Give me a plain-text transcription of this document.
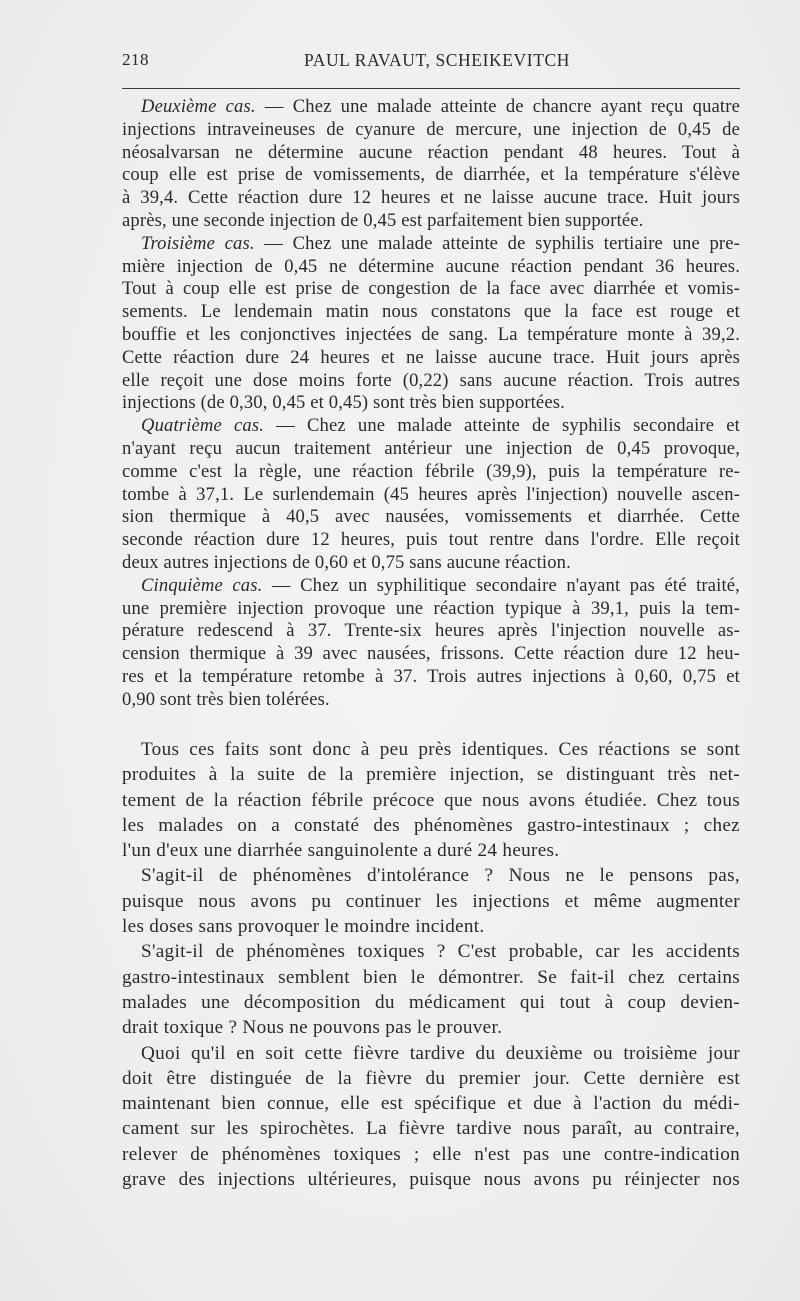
218	PAUL RAVAUT, SCHEIKEVITCH
Deuxième cas. — Chez une malade atteinte de chancre ayant reçu quatre
injections intraveineuses de cyanure de mercure, une injection de 0,45 de
néosalvarsan ne détermine aucune réaction pendant 48 heures. Tout à
coup elle est prise de vomissements, de diarrhée, et la température s'élève
à 39,4. Cette réaction dure 12 heures et ne laisse aucune trace. Huit jours
après, une seconde injection de 0,45 est parfaitement bien supportée.
Troisième cas. — Chez une malade atteinte de syphilis tertiaire une pre-
mière injection de 0,45 ne détermine aucune réaction pendant 36 heures.
Tout à coup elle est prise de congestion de la face avec diarrhée et vomis-
sements. Le lendemain matin nous constatons que la face est rouge et
bouffie et les conjonctives injectées de sang. La température monte à 39,2.
Cette réaction dure 24 heures et ne laisse aucune trace. Huit jours après
elle reçoit une dose moins forte (0,22) sans aucune réaction. Trois autres
injections (de 0,30, 0,45 et 0,45) sont très bien supportées.
Quatrième cas. — Chez une malade atteinte de syphilis secondaire et
n'ayant reçu aucun traitement antérieur une injection de 0,45 provoque,
comme c'est la règle, une réaction fébrile (39,9), puis la température re-
tombe à 37,1. Le surlendemain (45 heures après l'injection) nouvelle ascen-
sion thermique à 40,5 avec nausées, vomissements et diarrhée. Cette
seconde réaction dure 12 heures, puis tout rentre dans l'ordre. Elle reçoit
deux autres injections de 0,60 et 0,75 sans aucune réaction.
Cinquième cas. — Chez un syphilitique secondaire n'ayant pas été traité,
une première injection provoque une réaction typique à 39,1, puis la tem-
pérature redescend à 37. Trente-six heures après l'injection nouvelle as-
cension thermique à 39 avec nausées, frissons. Cette réaction dure 12 heu-
res et la température retombe à 37. Trois autres injections à 0,60, 0,75 et
0,90 sont très bien tolérées.
Tous ces faits sont donc à peu près identiques. Ces réactions se sont
produites à la suite de la première injection, se distinguant très net-
tement de la réaction fébrile précoce que nous avons étudiée. Chez tous
les malades on a constaté des phénomènes gastro-intestinaux ; chez
l'un d'eux une diarrhée sanguinolente a duré 24 heures.
S'agit-il de phénomènes d'intolérance ? Nous ne le pensons pas,
puisque nous avons pu continuer les injections et même augmenter
les doses sans provoquer le moindre incident.
S'agit-il de phénomènes toxiques ? C'est probable, car les accidents
gastro-intestinaux semblent bien le démontrer. Se fait-il chez certains
malades une décomposition du médicament qui tout à coup devien-
drait toxique ? Nous ne pouvons pas le prouver.
Quoi qu'il en soit cette fièvre tardive du deuxième ou troisième jour
doit être distinguée de la fièvre du premier jour. Cette dernière est
maintenant bien connue, elle est spécifique et due à l'action du médi-
cament sur les spirochètes. La fièvre tardive nous paraît, au contraire,
relever de phénomènes toxiques ; elle n'est pas une contre-indication
grave des injections ultérieures, puisque nous avons pu réinjecter nos
